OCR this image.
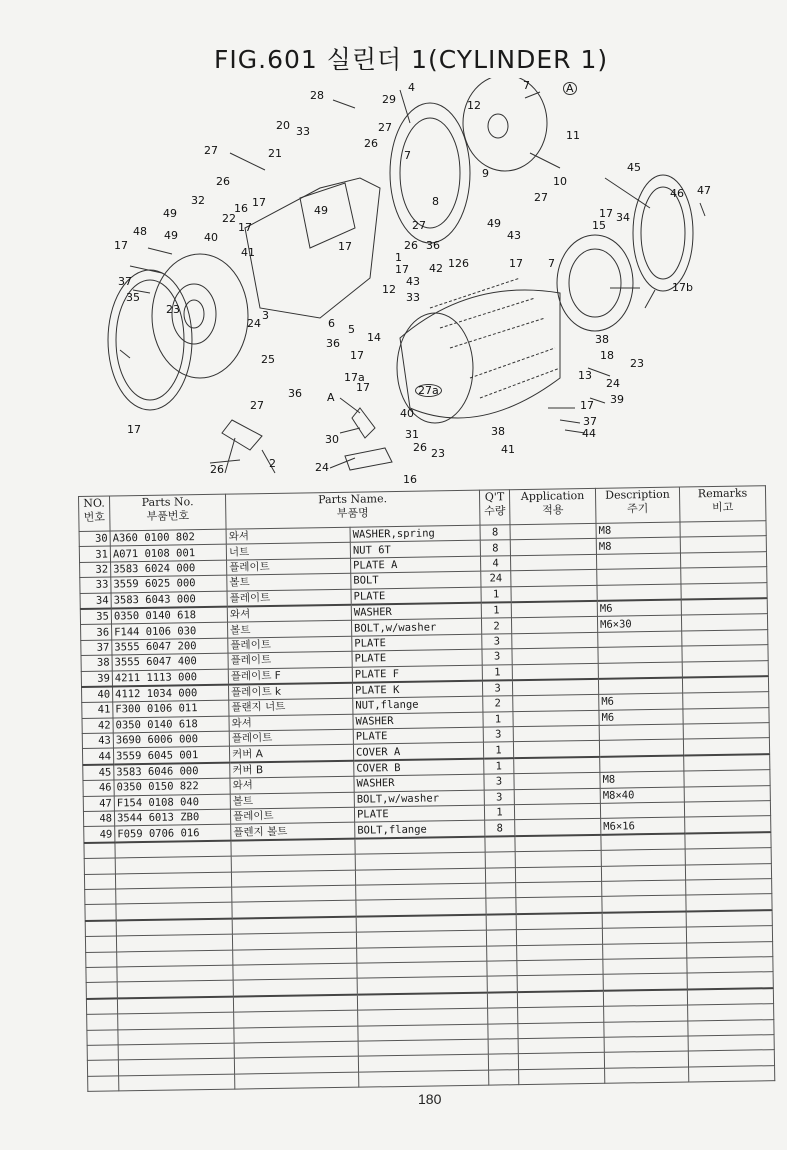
FIG.601 실린더 1(CYLINDER 1)
28	29
4	7	A
20 33	27
12
11
27	21
26
9
10
26
7
8
45
32	17
49
46 47
16
22
49
27
27
49
43
17 34
17
17
40
26 36
15
48
41
49
42 126
17
17
43
17	7
1
17b
37
12
33
35
23
24
3
6 5
38
25
36 14
18
23
17
17a	13
36	17	27a
24
39
A
40
17
27
31
37
17
30
38	44
26 23	41
26	2	24
16
NO.
번호	Parts No.
부품번호	Parts Name.
부품명		Q'T
수량	Application
적용	Description
주기	Remarks
비고
30	A360 0100 802	와셔	WASHER,spring	8		M8	
31	A071 0108 001	너트	NUT 6T	8		M8	
32	3583 6024 000	플레이트	PLATE A	4			
33	3559 6025 000	볼트	BOLT	24			
34	3583 6043 000	플레이트	PLATE	1			
35	0350 0140 618	와셔	WASHER	1		M6	
36	F144 0106 030	볼트	BOLT,w/washer	2		M6×30	
37	3555 6047 200	플레이트	PLATE	3			
38	3555 6047 400	플레이트	PLATE	3			
39	4211 1113 000	플레이트 F	PLATE F	1			
40	4112 1034 000	플레이트 k	PLATE K	3			
41	F300 0106 011	플랜지 너트	NUT,flange	2		M6	
42	0350 0140 618	와셔	WASHER	1		M6	
43	3690 6006 000	플레이트	PLATE	3			
44	3559 6045 001	커버 A	COVER A	1			
45	3583 6046 000	커버 B	COVER B	1			
46	0350 0150 822	와셔	WASHER	3		M8	
47	F154 0108 040	볼트	BOLT,w/washer	3		M8×40	
48	3544 6013 ZB0	플레이트	PLATE	1			
49	F059 0706 016	플렌지 볼트	BOLT,flange	8		M6×16	

180
